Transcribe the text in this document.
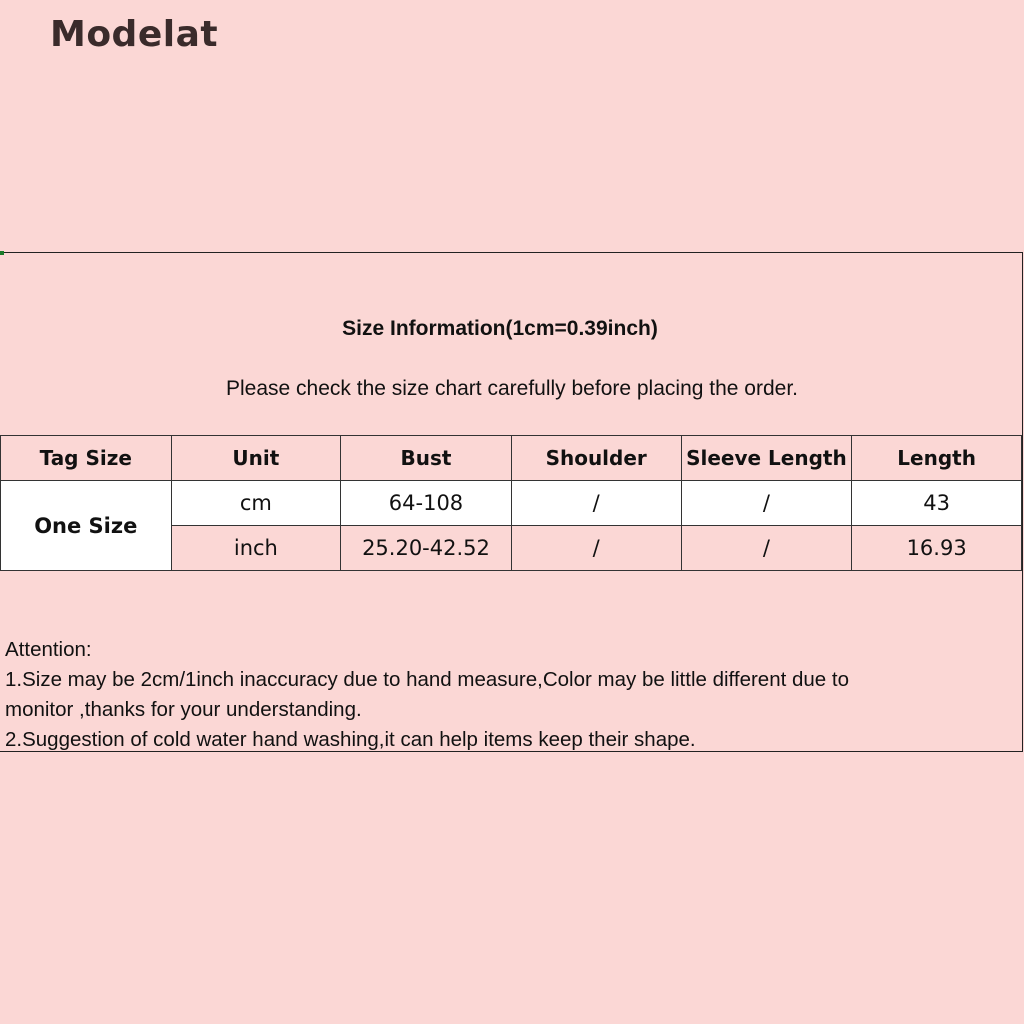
Modelat
Size Information(1cm=0.39inch)
Please check the size chart carefully before placing the order.
Tag Size	Unit	Bust	Shoulder	Sleeve Length	Length
One Size	cm	64-108	/	/	43
	inch	25.20-42.52	/	/	16.93
Attention:
1.Size may be 2cm/1inch inaccuracy due to hand measure,Color may be little different due to
monitor ,thanks for your understanding.
2.Suggestion of cold water hand washing,it can help items keep their shape.
